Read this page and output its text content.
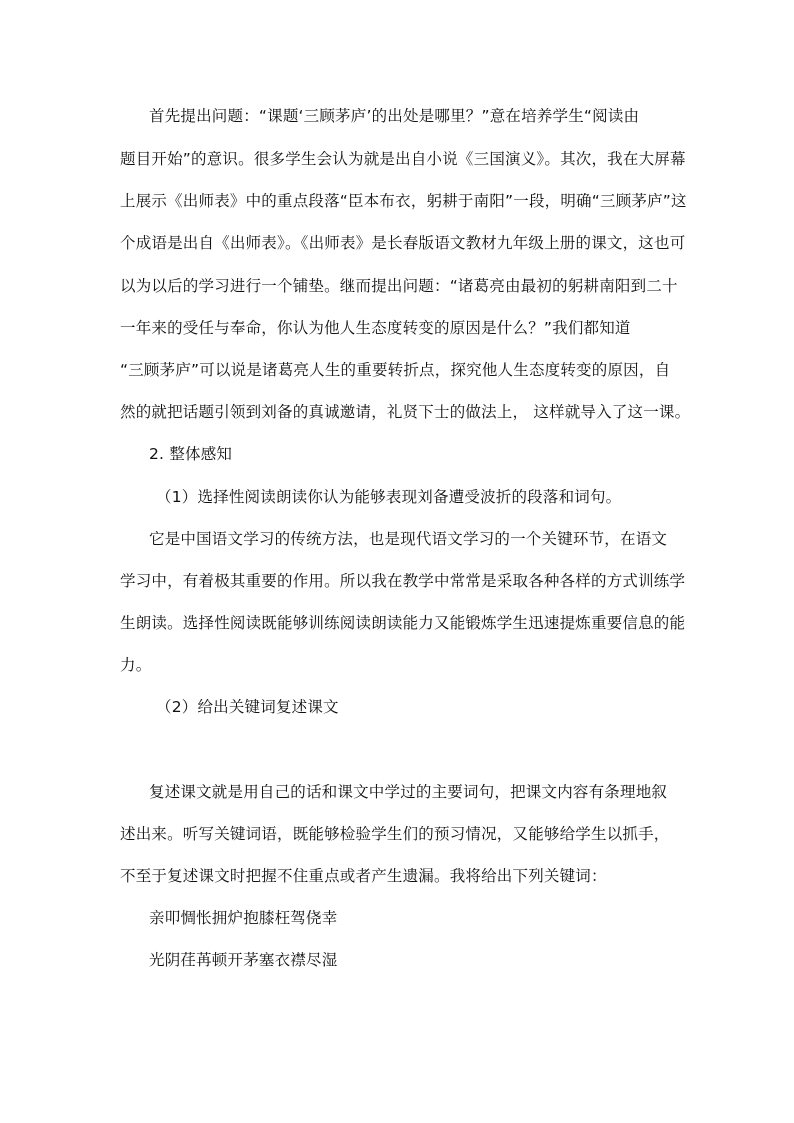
首先提出问题：“课题‘三顾茅庐’的出处是哪里？”意在培养学生“阅读由
题目开始”的意识。很多学生会认为就是出自小说《三国演义》。其次，我在大屏幕
上展示《出师表》中的重点段落“臣本布衣，躬耕于南阳”一段，明确“三顾茅庐”这
个成语是出自《出师表》。《出师表》是长春版语文教材九年级上册的课文，这也可
以为以后的学习进行一个铺垫。继而提出问题：“诸葛亮由最初的躬耕南阳到二十
一年来的受任与奉命，你认为他人生态度转变的原因是什么？”我们都知道
“三顾茅庐”可以说是诸葛亮人生的重要转折点，探究他人生态度转变的原因，自
然的就把话题引领到刘备的真诚邀请，礼贤下士的做法上， 这样就导入了这一课。
2. 整体感知
（1）选择性阅读朗读你认为能够表现刘备遭受波折的段落和词句。
它是中国语文学习的传统方法，也是现代语文学习的一个关键环节，在语文
学习中，有着极其重要的作用。所以我在教学中常常是采取各种各样的方式训练学
生朗读。选择性阅读既能够训练阅读朗读能力又能锻炼学生迅速提炼重要信息的能
力。
（2）给出关键词复述课文
复述课文就是用自己的话和课文中学过的主要词句，把课文内容有条理地叙
述出来。听写关键词语，既能够检验学生们的预习情况，又能够给学生以抓手，
不至于复述课文时把握不住重点或者产生遗漏。我将给出下列关键词：
亲叩惆怅拥炉抱膝枉驾侥幸
光阴荏苒顿开茅塞衣襟尽湿
